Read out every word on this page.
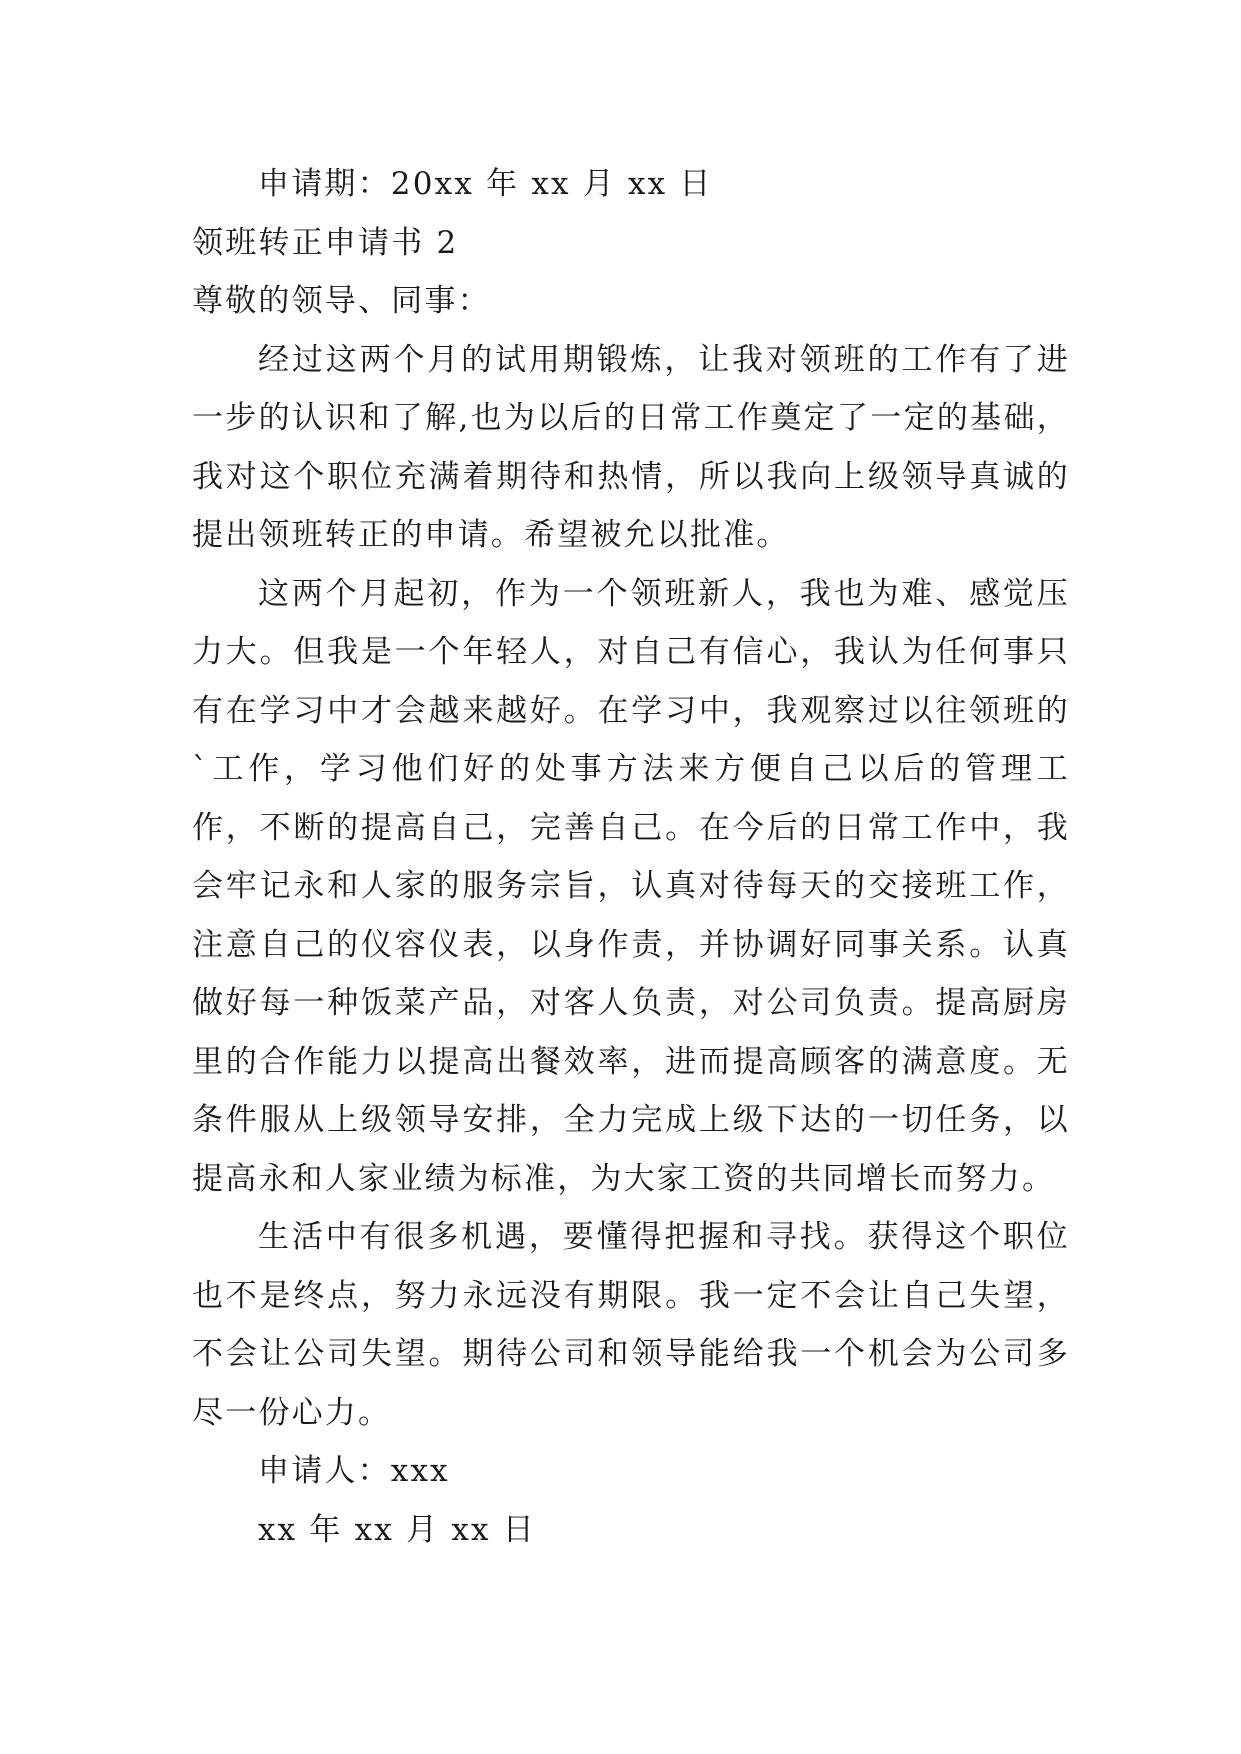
申请期：20xx 年 xx 月 xx 日

领班转正申请书 2

尊敬的领导、同事：

经过这两个月的试用期锻炼，让我对领班的工作有了进一步的认识和了解,也为以后的日常工作奠定了一定的基础，我对这个职位充满着期待和热情，所以我向上级领导真诚的提出领班转正的申请。希望被允以批准。

这两个月起初，作为一个领班新人，我也为难、感觉压力大。但我是一个年轻人，对自己有信心，我认为任何事只有在学习中才会越来越好。在学习中，我观察过以往领班的`工作，学习他们好的处事方法来方便自己以后的管理工作，不断的提高自己，完善自己。在今后的日常工作中，我会牢记永和人家的服务宗旨，认真对待每天的交接班工作，注意自己的仪容仪表，以身作责，并协调好同事关系。认真做好每一种饭菜产品，对客人负责，对公司负责。提高厨房里的合作能力以提高出餐效率，进而提高顾客的满意度。无条件服从上级领导安排，全力完成上级下达的一切任务，以提高永和人家业绩为标准，为大家工资的共同增长而努力。

生活中有很多机遇，要懂得把握和寻找。获得这个职位也不是终点，努力永远没有期限。我一定不会让自己失望，不会让公司失望。期待公司和领导能给我一个机会为公司多尽一份心力。

申请人：xxx

xx 年 xx 月 xx 日
